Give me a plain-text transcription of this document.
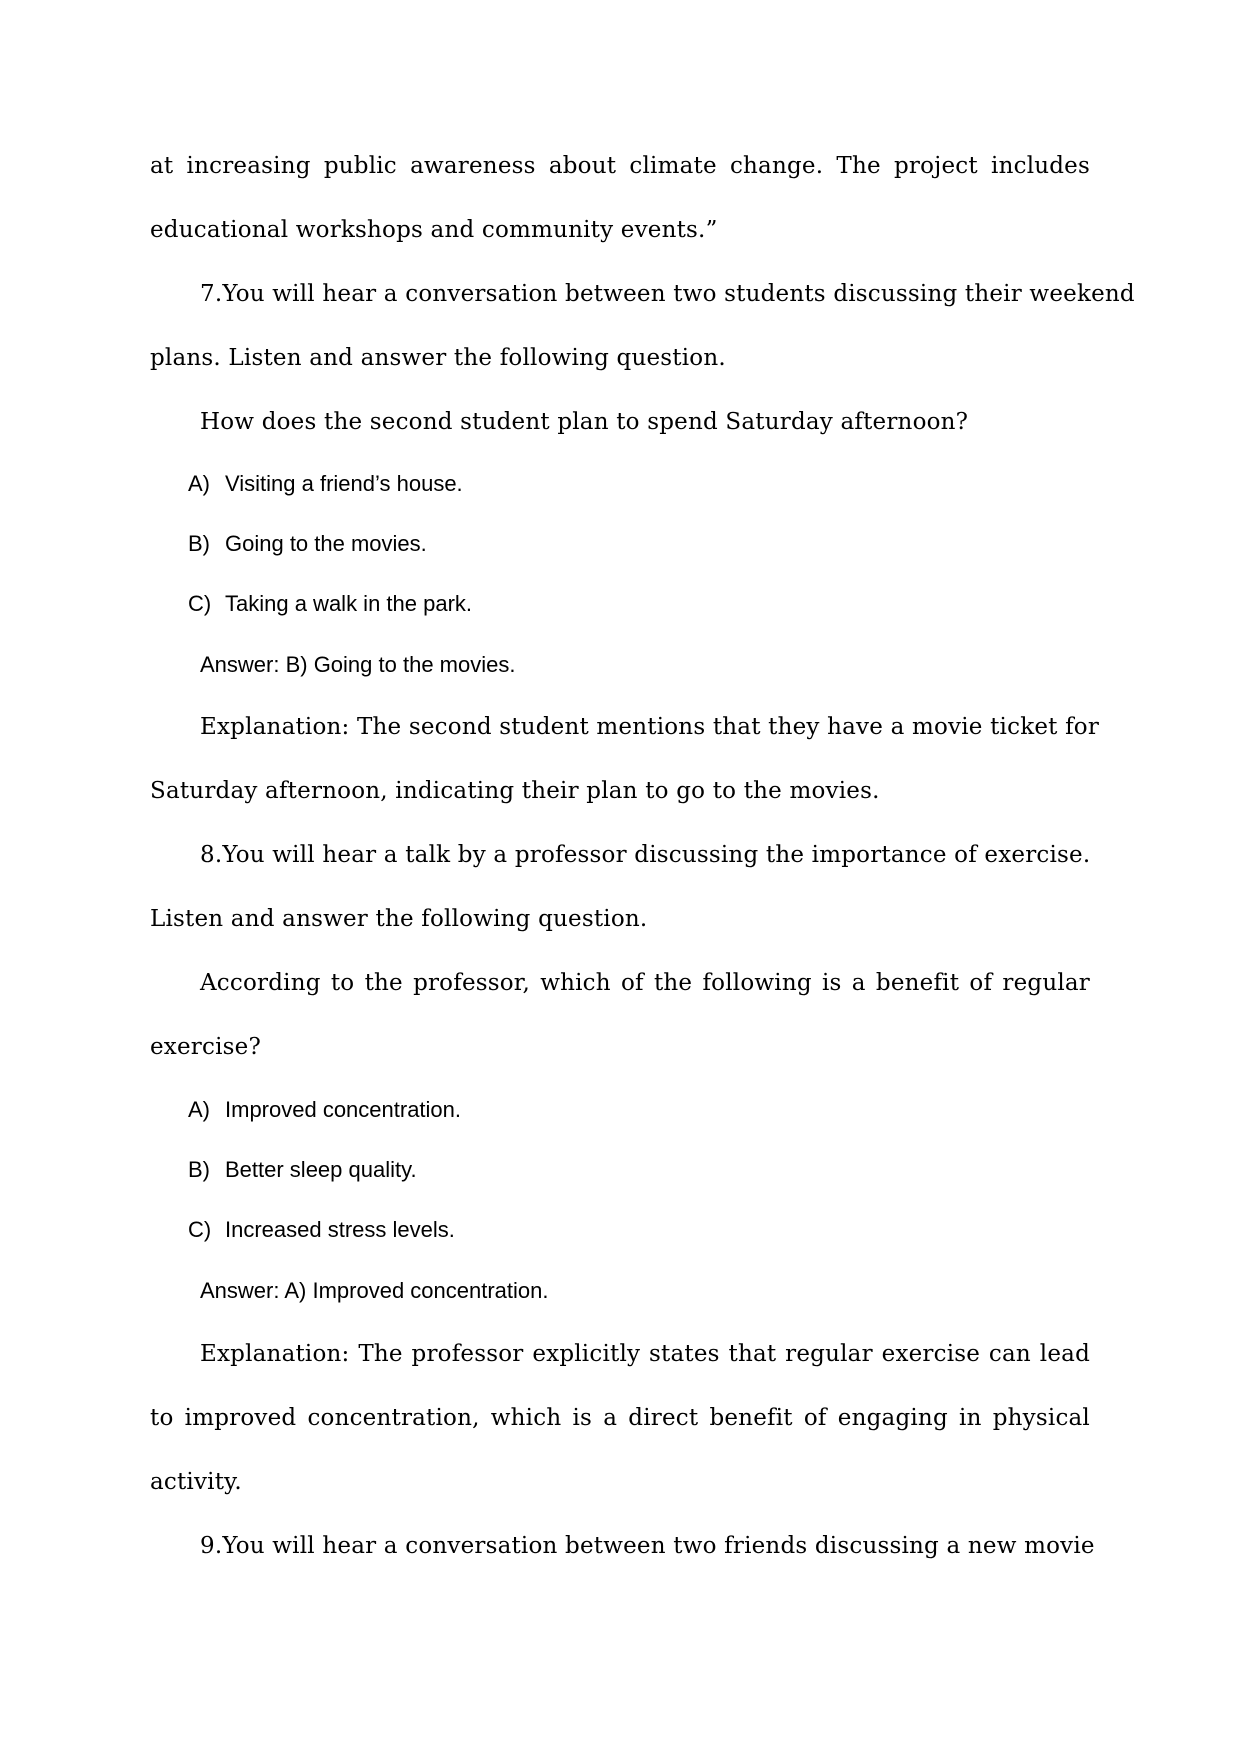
at increasing public awareness about climate change. The project includes
educational workshops and community events.”
7.You will hear a conversation between two students discussing their weekend
plans. Listen and answer the following question.
How does the second student plan to spend Saturday afternoon?
A) Visiting a friend’s house.
B) Going to the movies.
C) Taking a walk in the park.
Answer: B) Going to the movies.
Explanation: The second student mentions that they have a movie ticket for
Saturday afternoon, indicating their plan to go to the movies.
8.You will hear a talk by a professor discussing the importance of exercise.
Listen and answer the following question.
According to the professor, which of the following is a benefit of regular
exercise?
A) Improved concentration.
B) Better sleep quality.
C) Increased stress levels.
Answer: A) Improved concentration.
Explanation: The professor explicitly states that regular exercise can lead
to improved concentration, which is a direct benefit of engaging in physical
activity.
9.You will hear a conversation between two friends discussing a new movie
